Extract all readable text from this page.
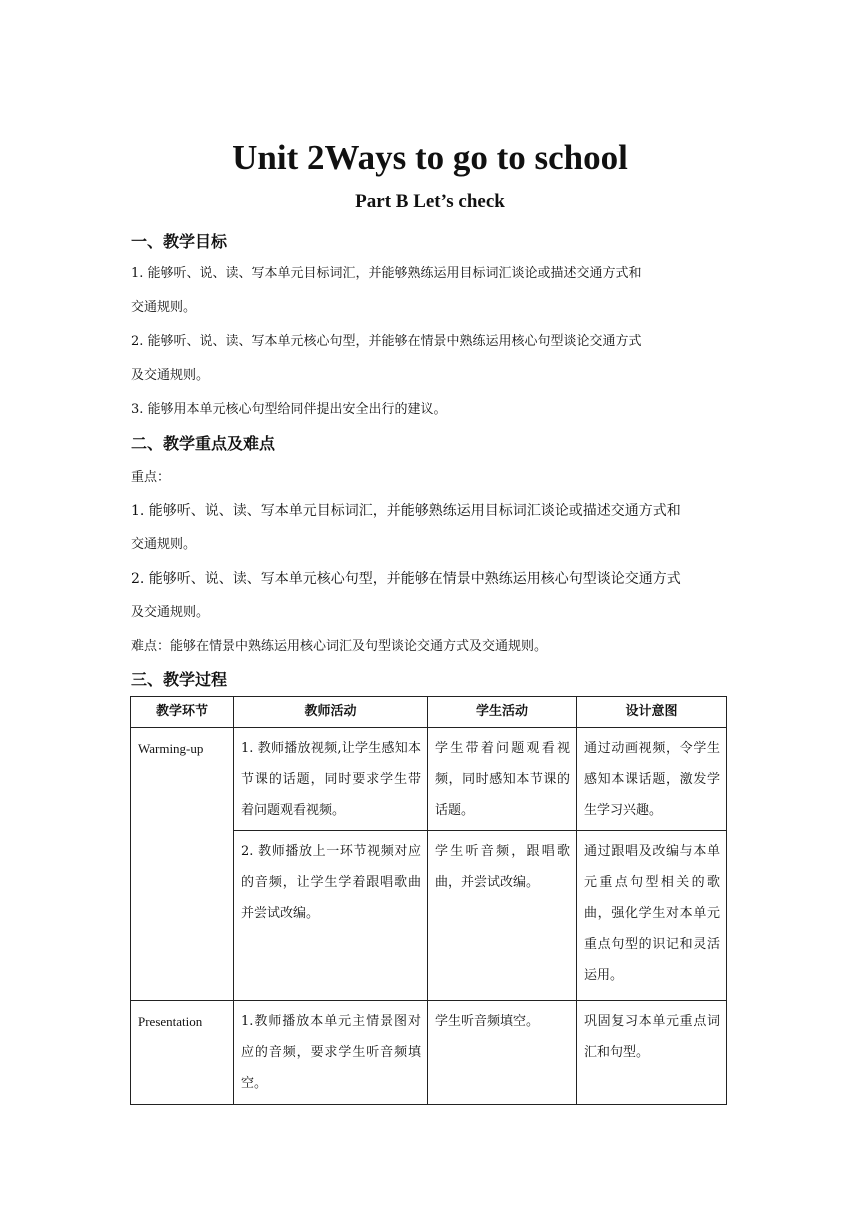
Unit 2Ways to go to school
Part B Let’s check
一、教学目标
1. 能够听、说、读、写本单元目标词汇，并能够熟练运用目标词汇谈论或描述交通方式和
交通规则。
2. 能够听、说、读、写本单元核心句型，并能够在情景中熟练运用核心句型谈论交通方式
及交通规则。
3. 能够用本单元核心句型给同伴提出安全出行的建议。
二、教学重点及难点
重点：
1. 能够听、说、读、写本单元目标词汇，并能够熟练运用目标词汇谈论或描述交通方式和
交通规则。
2. 能够听、说、读、写本单元核心句型，并能够在情景中熟练运用核心句型谈论交通方式
及交通规则。
难点：能够在情景中熟练运用核心词汇及句型谈论交通方式及交通规则。
三、教学过程
教学环节	教师活动	学生活动	设计意图
Warming-up	1. 教师播放视频,让学生感知本节课的话题，同时要求学生带着问题观看视频。	学生带着问题观看视频，同时感知本节课的话题。	通过动画视频，令学生感知本课话题，激发学生学习兴趣。
	2. 教师播放上一环节视频对应的音频，让学生学着跟唱歌曲并尝试改编。	学生听音频，跟唱歌曲，并尝试改编。	通过跟唱及改编与本单元重点句型相关的歌曲，强化学生对本单元重点句型的识记和灵活运用。
Presentation	1.教师播放本单元主情景图对应的音频，要求学生听音频填空。	学生听音频填空。	巩固复习本单元重点词汇和句型。
